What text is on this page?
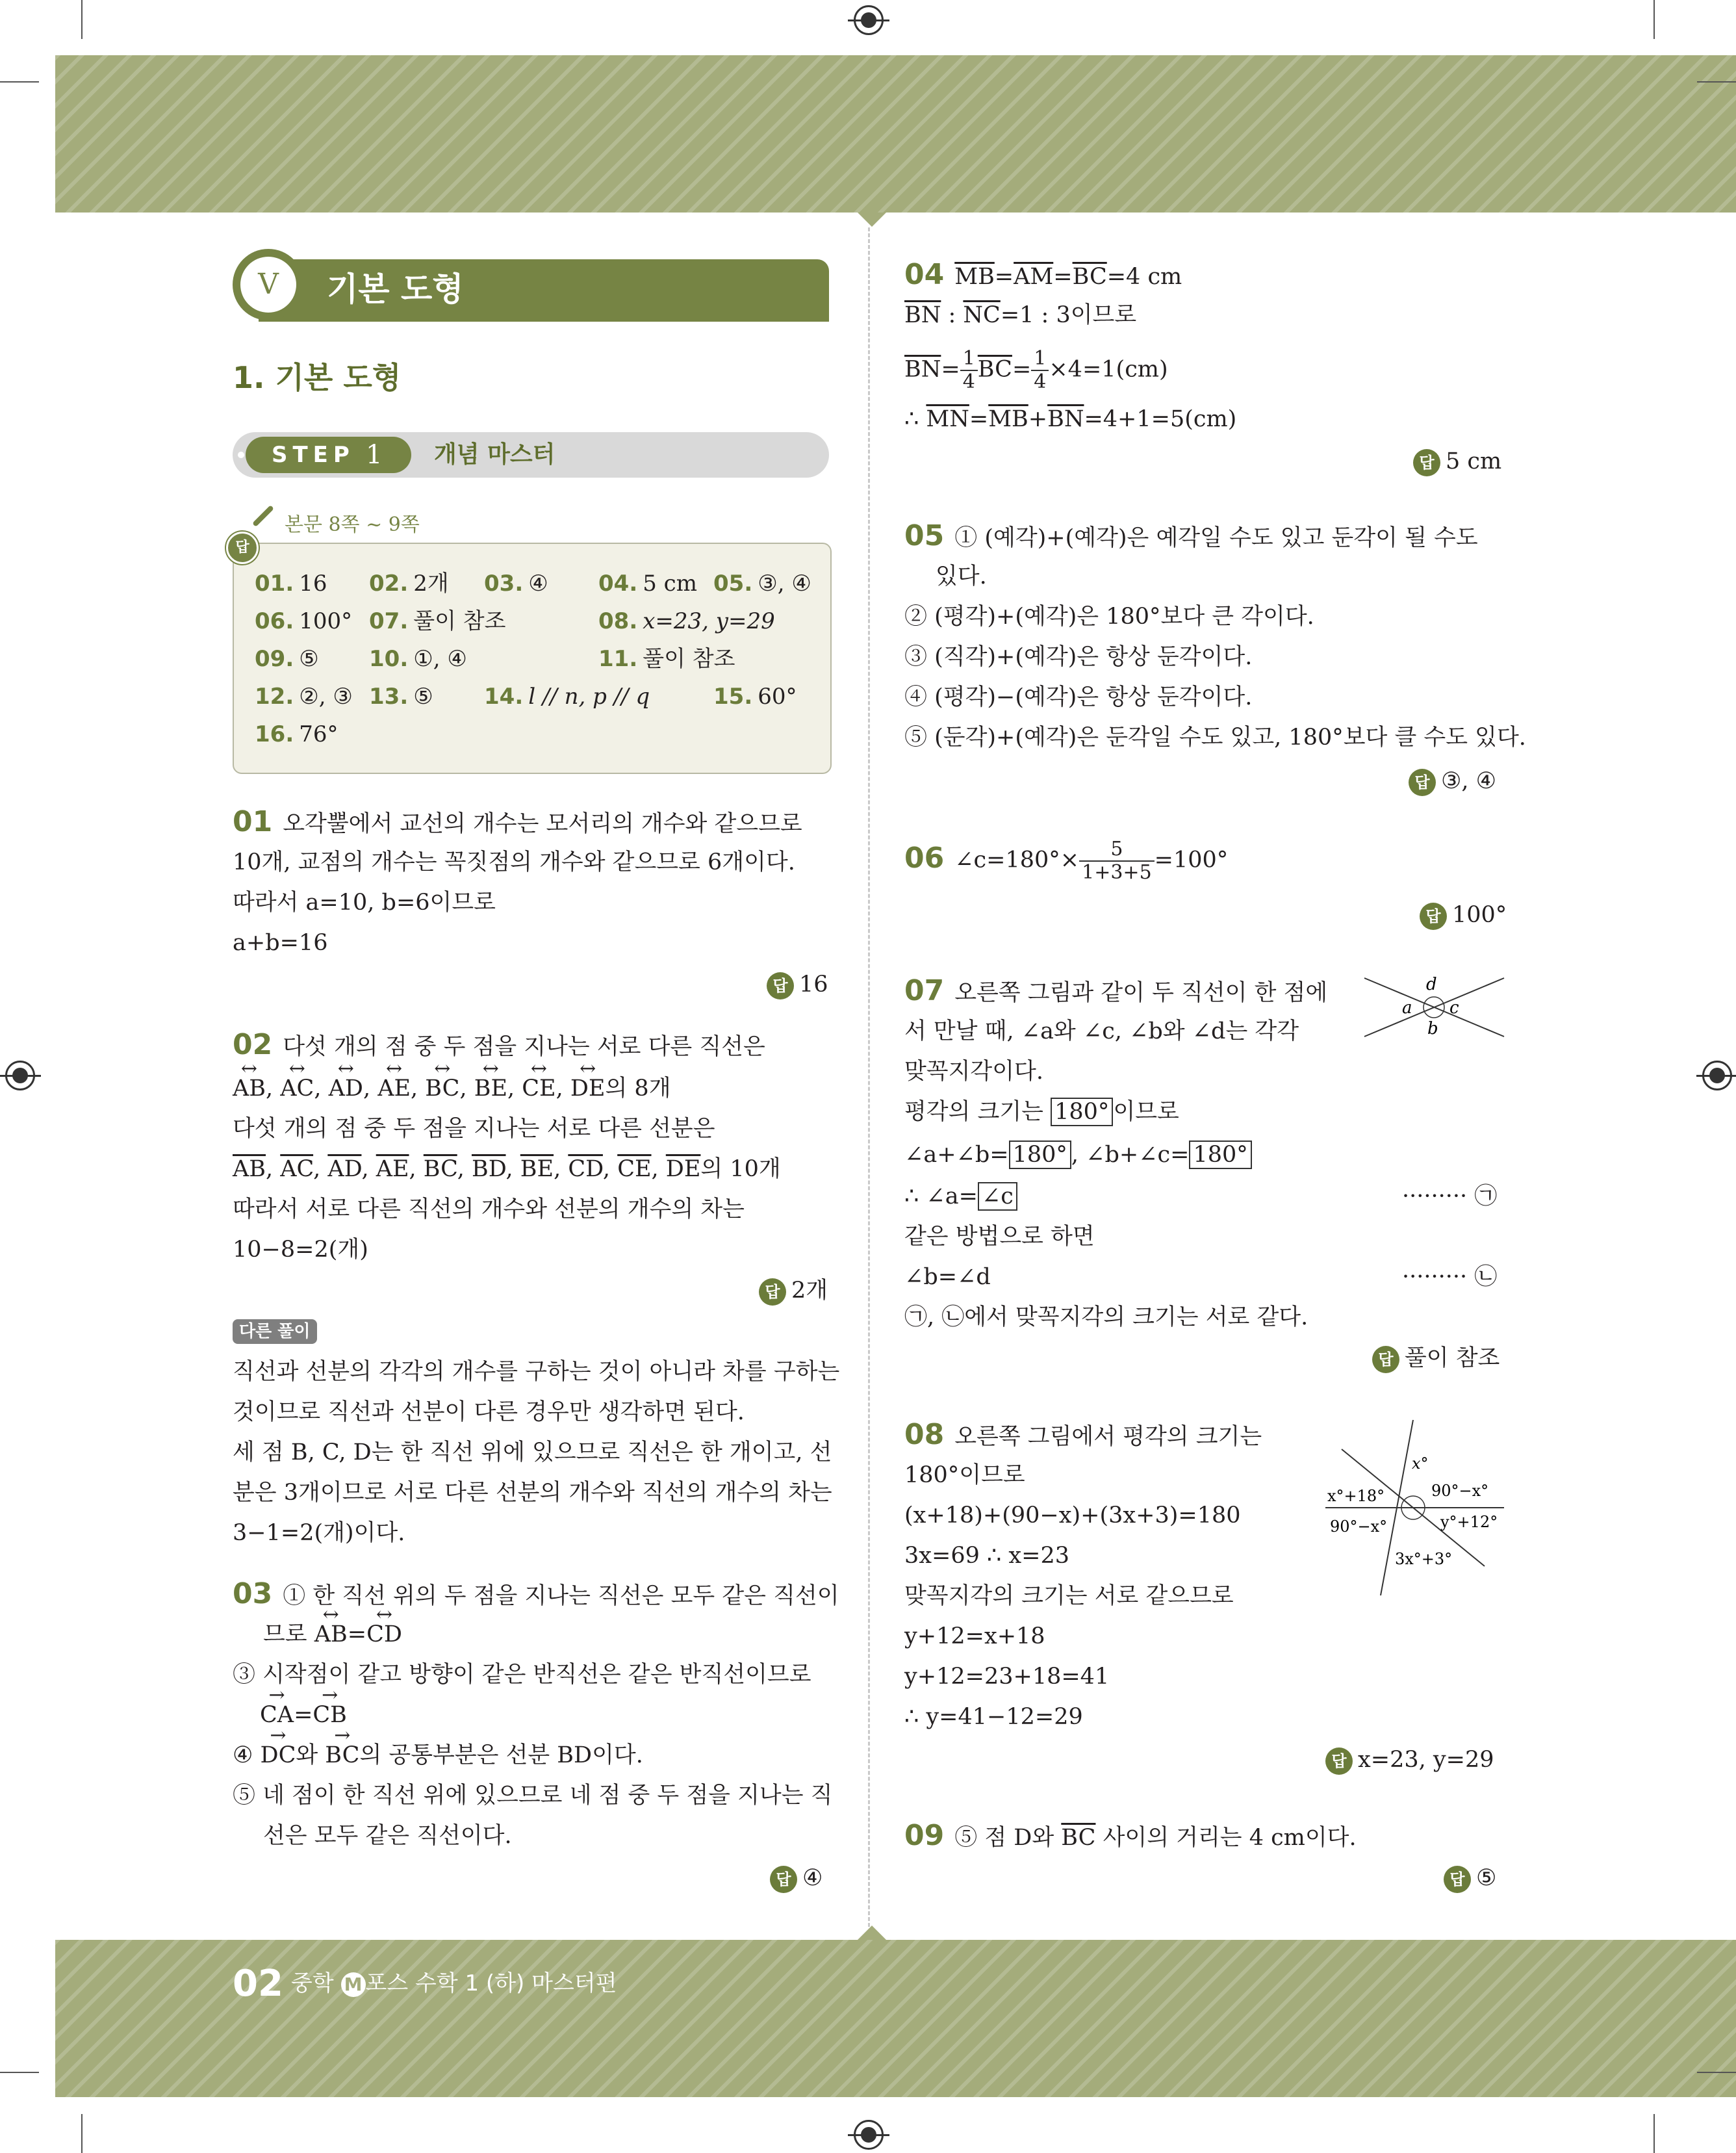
V	기본 도형
1. 기본 도형
STEP 1 개념 마스터
본문 8쪽 ~ 9쪽
답
01. 16 02. 2개 03. ④ 04. 5 cm 05. ③, ④
06. 100° 07. 풀이 참조	08. x=23, y=29
09. ⑤ 10. ①, ④	11. 풀이 참조
12. ②, ③ 13. ⑤ 14. l // n, p // q	15. 60°
16. 76°
01 오각뿔에서 교선의 개수는 모서리의 개수와 같으므로
10개, 교점의 개수는 꼭짓점의 개수와 같으므로 6개이다.
따라서 a=10, b=6이므로
a+b=16
답 16
02 다섯 개의 점 중 두 점을 지나는 서로 다른 직선은
↔ AB, ↔ AC, ↔ AD, ↔ AE, ↔ BC, ↔ BE, ↔ CE, ↔ DE의 8개
다섯 개의 점 중 두 점을 지나는 서로 다른 선분은
$\overline{AB}$, $\overline{AC}$, $\overline{AD}$, $\overline{AE}$, $\overline{BC}$, $\overline{BD}$, $\overline{BE}$, $\overline{CD}$, $\overline{CE}$, $\overline{DE}$의 10개
따라서 서로 다른 직선의 개수와 선분의 개수의 차는
10−8=2(개)
답 2개
다른 풀이
직선과 선분의 각각의 개수를 구하는 것이 아니라 차를 구하는
것이므로 직선과 선분이 다른 경우만 생각하면 된다.
세 점 B, C, D는 한 직선 위에 있으므로 직선은 한 개이고, 선
분은 3개이므로 서로 다른 선분의 개수와 직선의 개수의 차는
3−1=2(개)이다.
03 ① 한 직선 위의 두 점을 지나는 직선은 모두 같은 직선이
므로 ↔ AB=↔ CD
③ 시작점이 같고 방향이 같은 반직선은 같은 반직선이므로
→ CA=→ CB
④ → DC와 → BC의 공통부분은 선분 BD이다.
⑤ 네 점이 한 직선 위에 있으므로 네 점 중 두 점을 지나는 직
선은 모두 같은 직선이다.
답 ④
04 $\overline{MB}=\overline{AM}=\overline{BC}=4$ cm
$\overline{BN}$ : $\overline{NC}=1$ : 3이므로
$\overline{BN}= \frac{1}{4} \overline{BC}= \frac{1}{4} \times 4=1(cm)$
∴ $\overline{MN}=\overline{MB}+\overline{BN}=4+1=5(cm)$
답 5 cm
05 ① (예각)+(예각)은 예각일 수도 있고 둔각이 될 수도
있다.
② (평각)+(예각)은 180°보다 큰 각이다.
③ (직각)+(예각)은 항상 둔각이다.
④ (평각)−(예각)은 항상 둔각이다.
⑤ (둔각)+(예각)은 둔각일 수도 있고, 180°보다 클 수도 있다.
답 ③, ④
06 ∠c=180°× $\frac{5}{1+3+5} =100^\circ$
답 100°
07 오른쪽 그림과 같이 두 직선이 한 점에
서 만날 때, ∠a와 ∠c, ∠b와 ∠d는 각각
맞꼭지각이다.
평각의 크기는 180° 이므로
∠a+∠b= 180° , ∠b+∠c= 180°
∴ ∠a= ∠c	········· ㉠
같은 방법으로 하면
∠b=∠d	········· ㉡
㉠, ㉡에서 맞꼭지각의 크기는 서로 같다.
답 풀이 참조
d
a c
b
08 오른쪽 그림에서 평각의 크기는
180°이므로
(x+18)+(90−x)+(3x+3)=180
3x=69 ∴ x=23
맞꼭지각의 크기는 서로 같으므로
y+12=x+18
y+12=23+18=41
∴ y=41−12=29
답 x=23, y=29
x°
x°+18°	90°−x°
90°−x°	y°+12°
3x°+3°
09 ⑤ 점 D와 $\overline{BC}$ 사이의 거리는 4 cm이다.
답 ⑤
02 중학 M 포스 수학 1 (하) 마스터편
